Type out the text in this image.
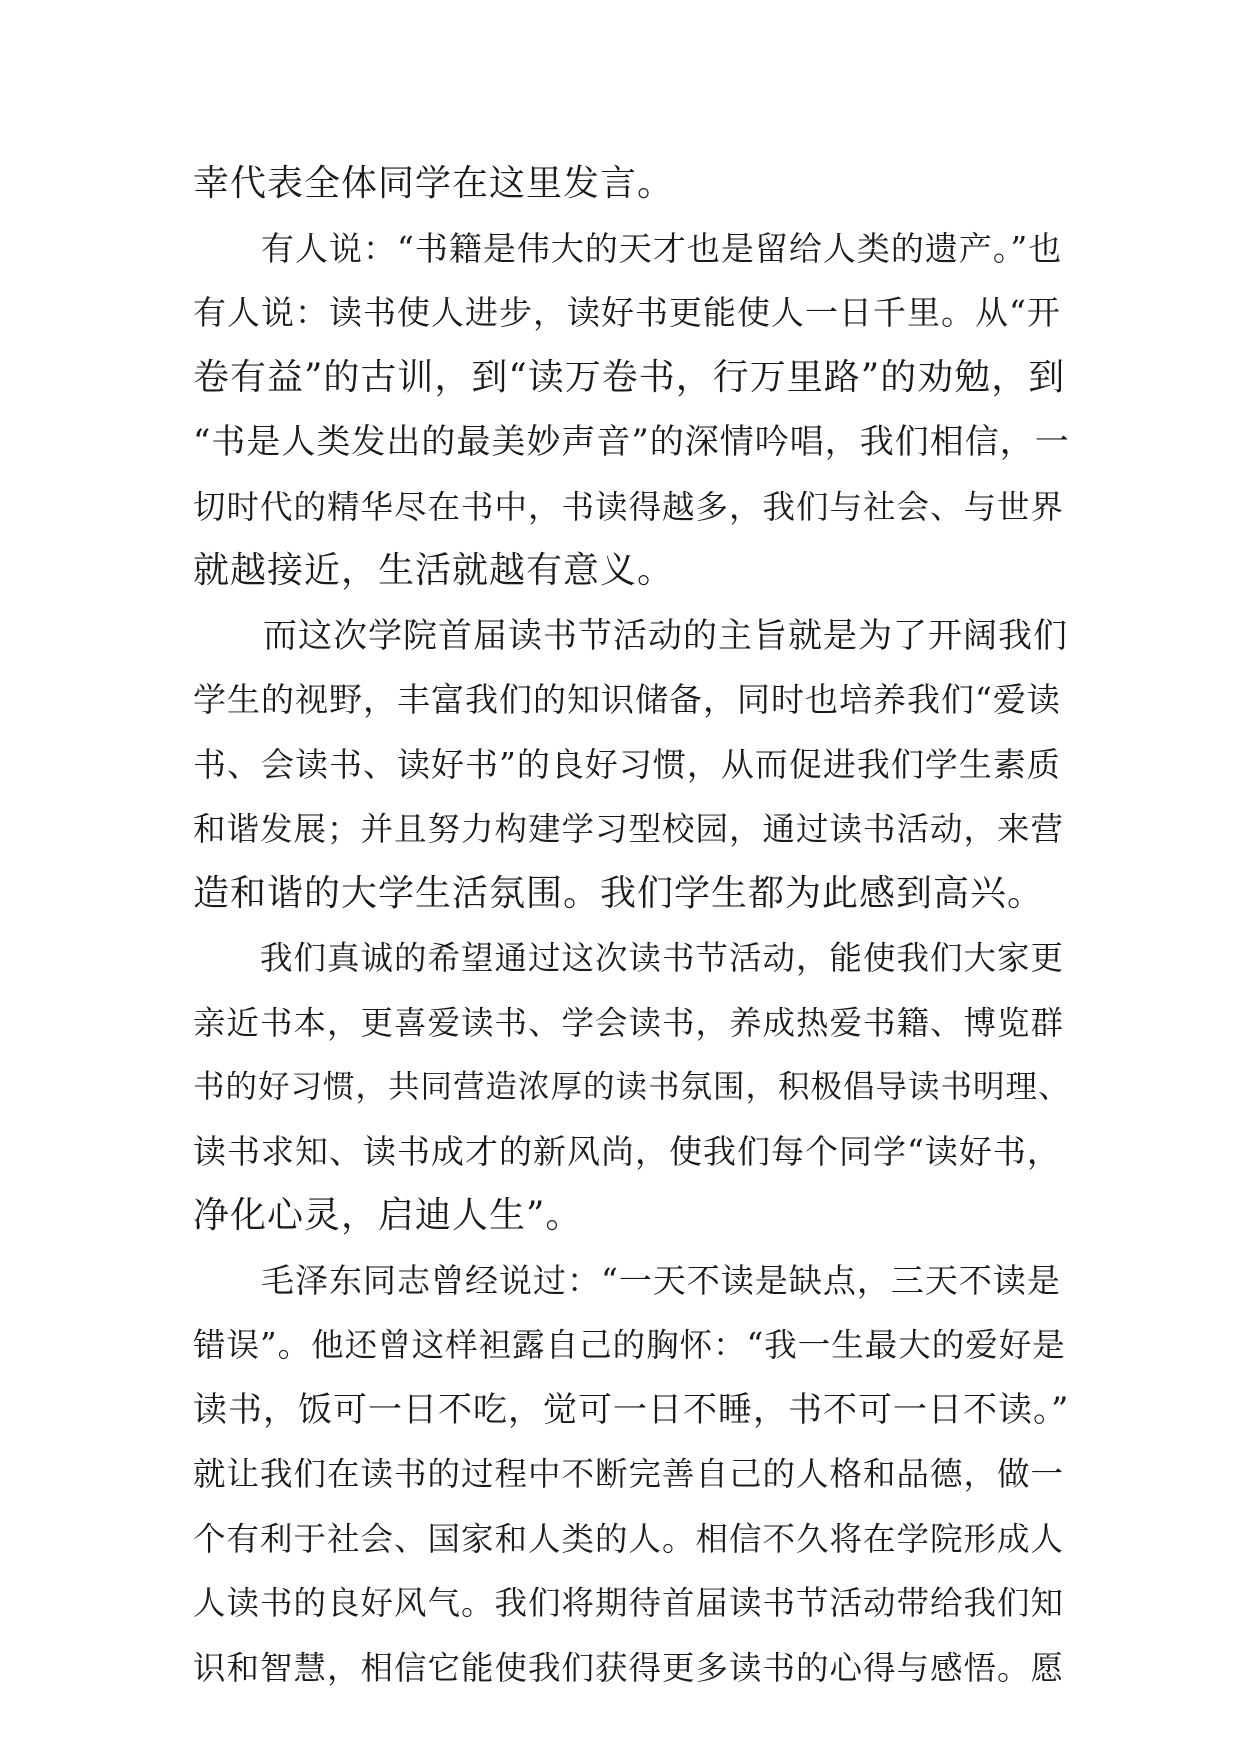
幸代表全体同学在这里发言。
　　有人说：“书籍是伟大的天才也是留给人类的遗产。”也
有人说：读书使人进步，读好书更能使人一日千里。从“开
卷有益”的古训，到“读万卷书，行万里路”的劝勉，到
“书是人类发出的最美妙声音”的深情吟唱，我们相信，一
切时代的精华尽在书中，书读得越多，我们与社会、与世界
就越接近，生活就越有意义。
　　而这次学院首届读书节活动的主旨就是为了开阔我们
学生的视野，丰富我们的知识储备，同时也培养我们“爱读
书、会读书、读好书”的良好习惯，从而促进我们学生素质
和谐发展；并且努力构建学习型校园，通过读书活动，来营
造和谐的大学生活氛围。我们学生都为此感到高兴。
　　我们真诚的希望通过这次读书节活动，能使我们大家更
亲近书本，更喜爱读书、学会读书，养成热爱书籍、博览群
书的好习惯，共同营造浓厚的读书氛围，积极倡导读书明理、
读书求知、读书成才的新风尚，使我们每个同学“读好书，
净化心灵，启迪人生”。
　　毛泽东同志曾经说过：“一天不读是缺点，三天不读是
错误”。他还曾这样袒露自己的胸怀：“我一生最大的爱好是
读书，饭可一日不吃，觉可一日不睡，书不可一日不读。”
就让我们在读书的过程中不断完善自己的人格和品德，做一
个有利于社会、国家和人类的人。相信不久将在学院形成人
人读书的良好风气。我们将期待首届读书节活动带给我们知
识和智慧，相信它能使我们获得更多读书的心得与感悟。愿
